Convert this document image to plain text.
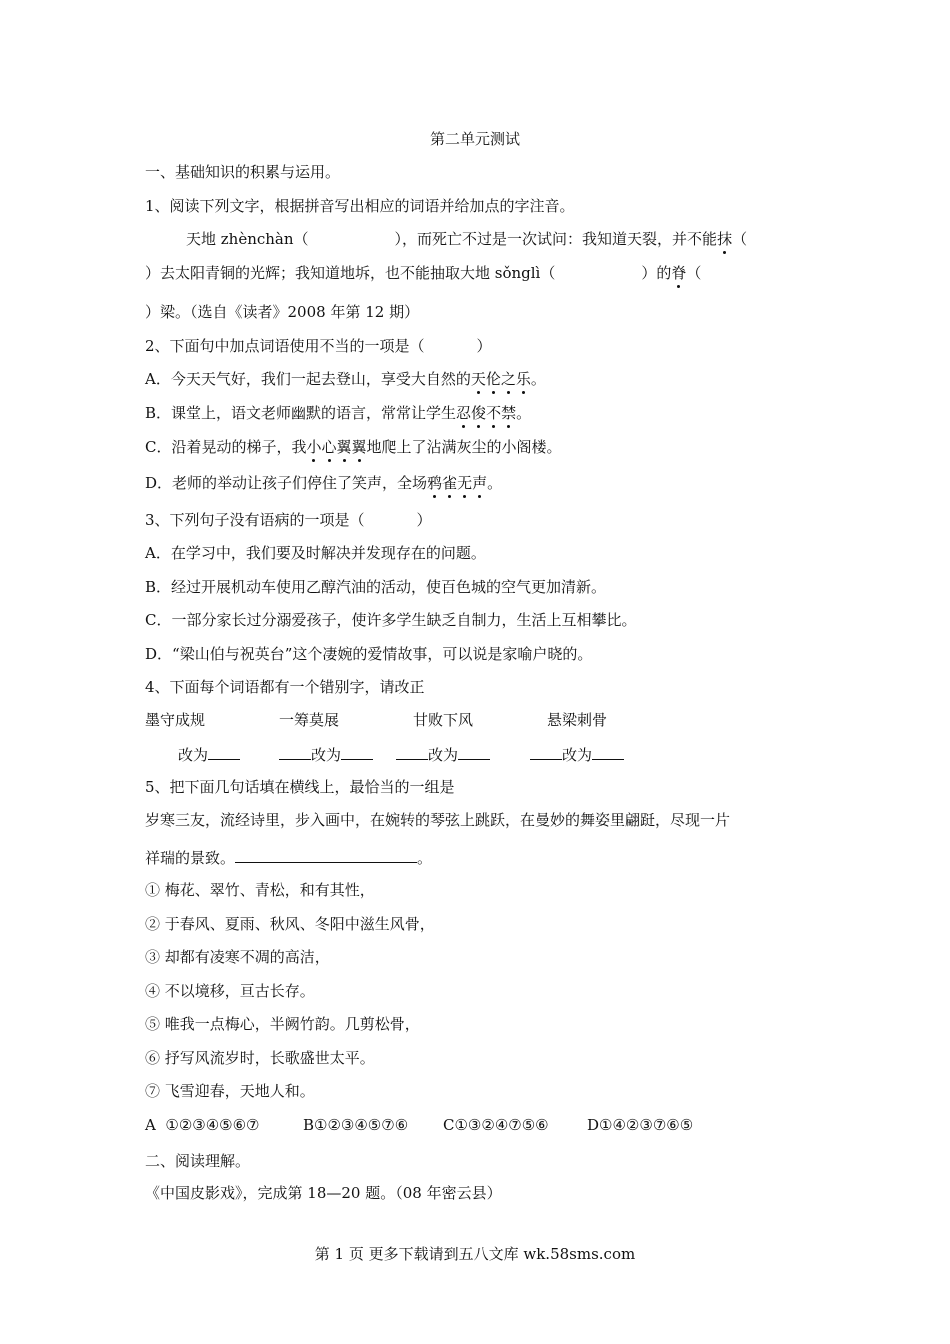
第二单元测试
一、基础知识的积累与运用。
1、阅读下列文字，根据拼音写出相应的词语并给加点的字注音。
天地 zhènchàn（	），而死亡不过是一次试问：我知道天裂，并不能抹（
）去太阳青铜的光辉；我知道地坼，也不能抽取大地 sǒnglì（	）的脊（
）梁。（选自《读者》2008 年第 12 期）
2、下面句中加点词语使用不当的一项是（	）
A．今天天气好，我们一起去登山，享受大自然的天伦之乐。
B．课堂上，语文老师幽默的语言，常常让学生忍俊不禁。
C．沿着晃动的梯子，我小心翼翼地爬上了沾满灰尘的小阁楼。
D．老师的举动让孩子们停住了笑声，全场鸦雀无声。
3、下列句子没有语病的一项是（	）
A．在学习中，我们要及时解决并发现存在的问题。
B．经过开展机动车使用乙醇汽油的活动，使百色城的空气更加清新。
C．一部分家长过分溺爱孩子，使许多学生缺乏自制力，生活上互相攀比。
D．“梁山伯与祝英台”这个凄婉的爱情故事，可以说是家喻户晓的。
4、下面每个词语都有一个错别字，请改正
墨守成规	一筹莫展	甘败下风	悬梁刺骨
改为	改为	改为	改为
5、把下面几句话填在横线上，最恰当的一组是
岁寒三友，流经诗里，步入画中，在婉转的琴弦上跳跃，在曼妙的舞姿里翩跹，尽现一片
祥瑞的景致。	。
① 梅花、翠竹、青松，和有其性，
② 于春风、夏雨、秋风、冬阳中滋生风骨，
③ 却都有凌寒不凋的高洁，
④ 不以境移，亘古长存。
⑤ 唯我一点梅心，半阙竹韵。几剪松骨，
⑥ 抒写风流岁时，长歌盛世太平。
⑦ 飞雪迎春，天地人和。
A  ①②③④⑤⑥⑦	B①②③④⑤⑦⑥ C①③②④⑦⑤⑥	D①④②③⑦⑥⑤
二、阅读理解。
《中国皮影戏》，完成第 18—20 题。（08 年密云县）
第 1 页 更多下载请到五八文库 wk.58sms.com
